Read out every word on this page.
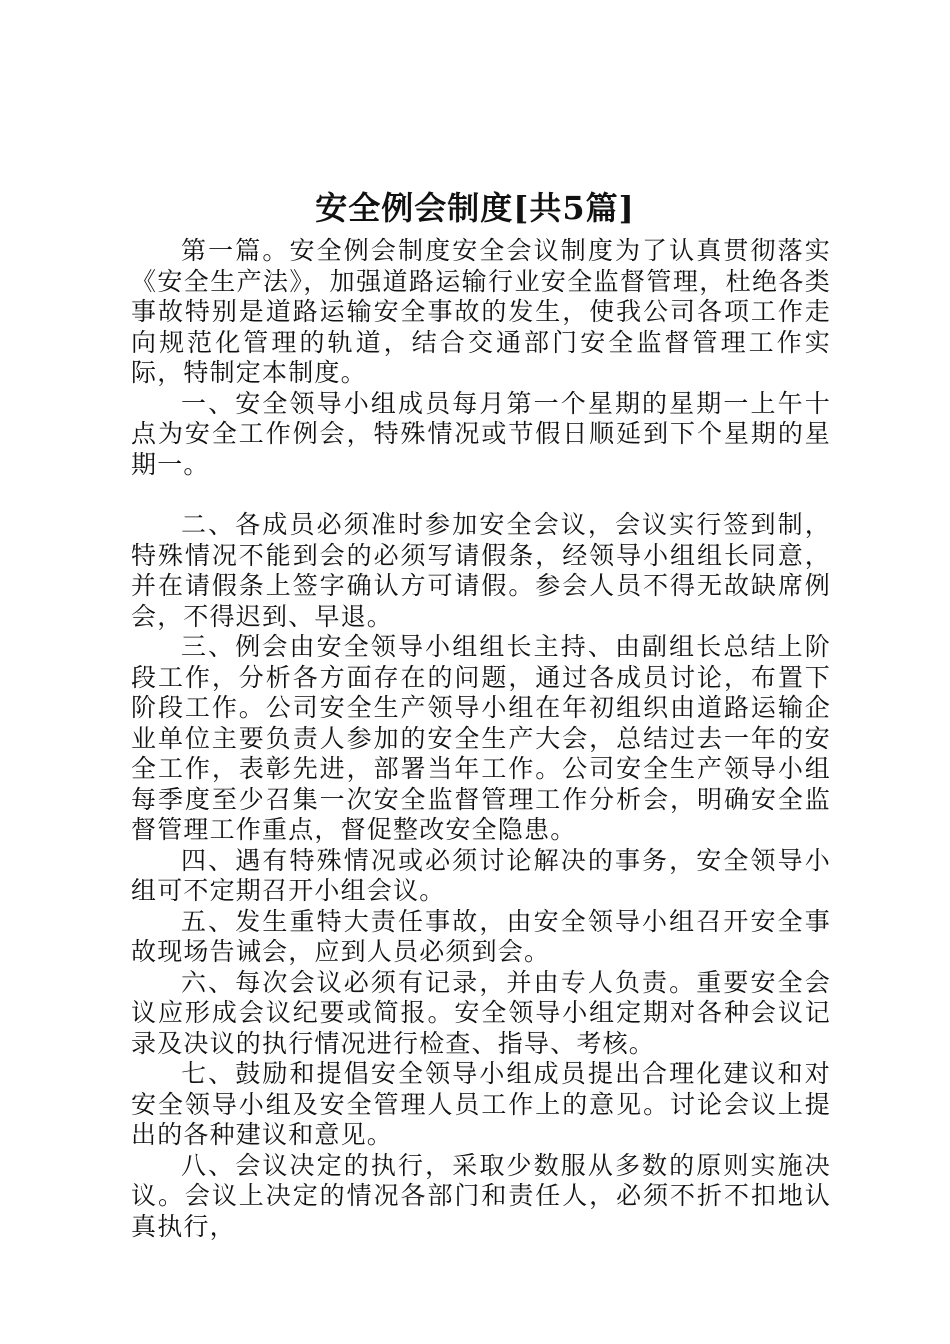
安全例会制度[共5篇]

第一篇。安全例会制度安全会议制度为了认真贯彻落实《安全生产法》，加强道路运输行业安全监督管理，杜绝各类事故特别是道路运输安全事故的发生，使我公司各项工作走向规范化管理的轨道，结合交通部门安全监督管理工作实际，特制定本制度。

一、安全领导小组成员每月第一个星期的星期一上午十点为安全工作例会，特殊情况或节假日顺延到下个星期的星期一。

二、各成员必须准时参加安全会议，会议实行签到制，特殊情况不能到会的必须写请假条，经领导小组组长同意，并在请假条上签字确认方可请假。参会人员不得无故缺席例会，不得迟到、早退。

三、例会由安全领导小组组长主持、由副组长总结上阶段工作，分析各方面存在的问题，通过各成员讨论，布置下阶段工作。公司安全生产领导小组在年初组织由道路运输企业单位主要负责人参加的安全生产大会，总结过去一年的安全工作，表彰先进，部署当年工作。公司安全生产领导小组每季度至少召集一次安全监督管理工作分析会，明确安全监督管理工作重点，督促整改安全隐患。

四、遇有特殊情况或必须讨论解决的事务，安全领导小组可不定期召开小组会议。

五、发生重特大责任事故，由安全领导小组召开安全事故现场告诫会，应到人员必须到会。

六、每次会议必须有记录，并由专人负责。重要安全会议应形成会议纪要或简报。安全领导小组定期对各种会议记录及决议的执行情况进行检查、指导、考核。

七、鼓励和提倡安全领导小组成员提出合理化建议和对安全领导小组及安全管理人员工作上的意见。讨论会议上提出的各种建议和意见。

八、会议决定的执行，采取少数服从多数的原则实施决议。会议上决定的情况各部门和责任人，必须不折不扣地认真执行，
